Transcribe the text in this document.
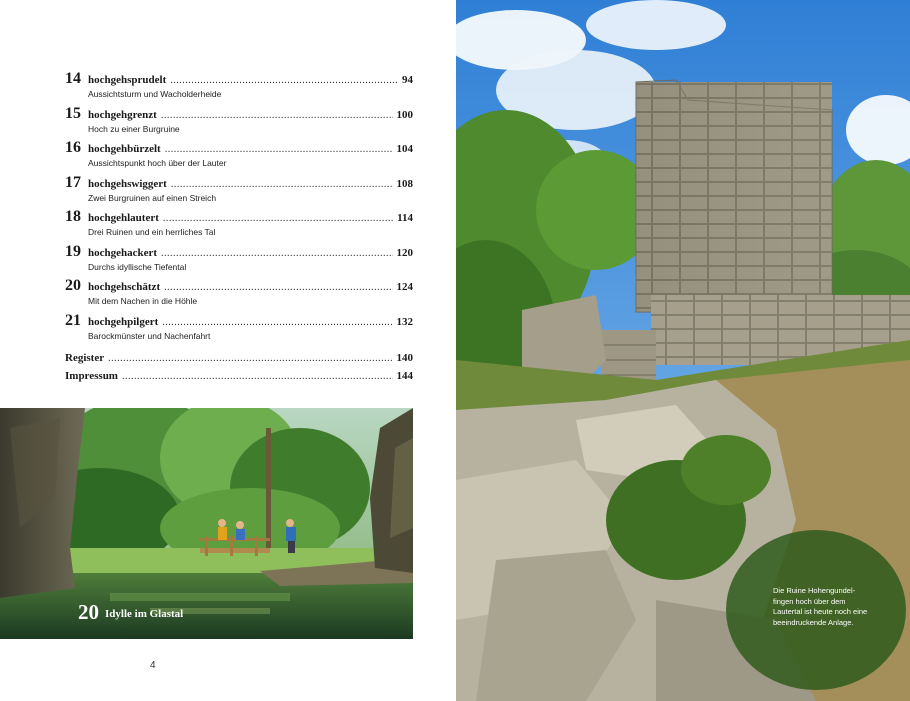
14 hochgehsprudelt .....	94
Aussichtsturm und Wacholderheide
15 hochgehgrenzt .....	100
Hoch zu einer Burgruine
16 hochgehbürzelt .....	104
Aussichtspunkt hoch über der Lauter
17 hochgehswiggert .....	108
Zwei Burgruinen auf einen Streich
18 hochgehlautert .....	114
Drei Ruinen und ein herrliches Tal
19 hochgehackert .....	120
Durchs idyllische Tiefental
20 hochgehschätzt .....	124
Mit dem Nachen in die Höhle
21 hochgehpilgert .....	132
Barockmünster und Nachenfahrt
Register .....	140
Impressum .....	144
20 Idylle im Glastal
4
Die Ruine Hohengundel-fingen hoch über dem Lautertal ist heute noch eine beeindruckende Anlage.
